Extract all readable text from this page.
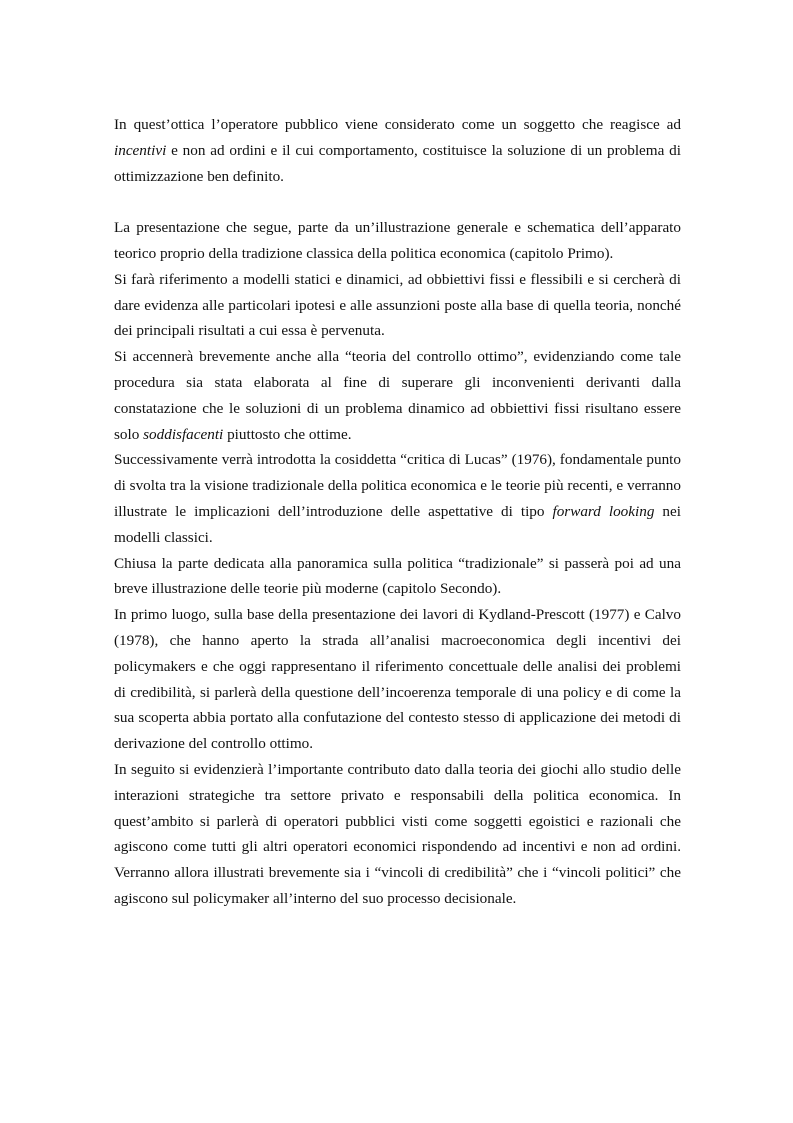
In quest’ottica l’operatore pubblico viene considerato come un soggetto che reagisce ad incentivi e non ad ordini e il cui comportamento, costituisce la soluzione di un problema di ottimizzazione ben definito.

La presentazione che segue, parte da un’illustrazione generale e schematica dell’apparato teorico proprio della tradizione classica della politica economica (capitolo Primo).

Si farà riferimento a modelli statici e dinamici, ad obbiettivi fissi e flessibili e si cercherà di dare evidenza alle particolari ipotesi e alle assunzioni poste alla base di quella teoria, nonché dei principali risultati a cui essa è pervenuta.

Si accennerà brevemente anche alla “teoria del controllo ottimo”, evidenziando come tale procedura sia stata elaborata al fine di superare gli inconvenienti derivanti dalla constatazione che le soluzioni di un problema dinamico ad obbiettivi fissi risultano essere solo soddisfacenti piuttosto che ottime.

Successivamente verrà introdotta la cosiddetta “critica di Lucas” (1976), fondamentale punto di svolta tra la visione tradizionale della politica economica e le teorie più recenti, e verranno illustrate le implicazioni dell’introduzione delle aspettative di tipo forward looking nei modelli classici.

Chiusa la parte dedicata alla panoramica sulla politica “tradizionale” si passerà poi ad una breve illustrazione delle teorie più moderne (capitolo Secondo).

In primo luogo, sulla base della presentazione dei lavori di Kydland-Prescott (1977) e Calvo (1978), che hanno aperto la strada all’analisi macroeconomica degli incentivi dei policymakers e che oggi rappresentano il riferimento concettuale delle analisi dei problemi di credibilità, si parlerà della questione dell’incoerenza temporale di una policy e di come la sua scoperta abbia portato alla confutazione del contesto stesso di applicazione dei metodi di derivazione del controllo ottimo.

In seguito si evidenzierà l’importante contributo dato dalla teoria dei giochi allo studio delle interazioni strategiche tra settore privato e responsabili della politica economica. In quest’ambito si parlerà di operatori pubblici visti come soggetti egoistici e razionali che agiscono come tutti gli altri operatori economici rispondendo ad incentivi e non ad ordini. Verranno allora illustrati brevemente sia i “vincoli di credibilità” che i “vincoli politici” che agiscono sul policymaker all’interno del suo processo decisionale.
